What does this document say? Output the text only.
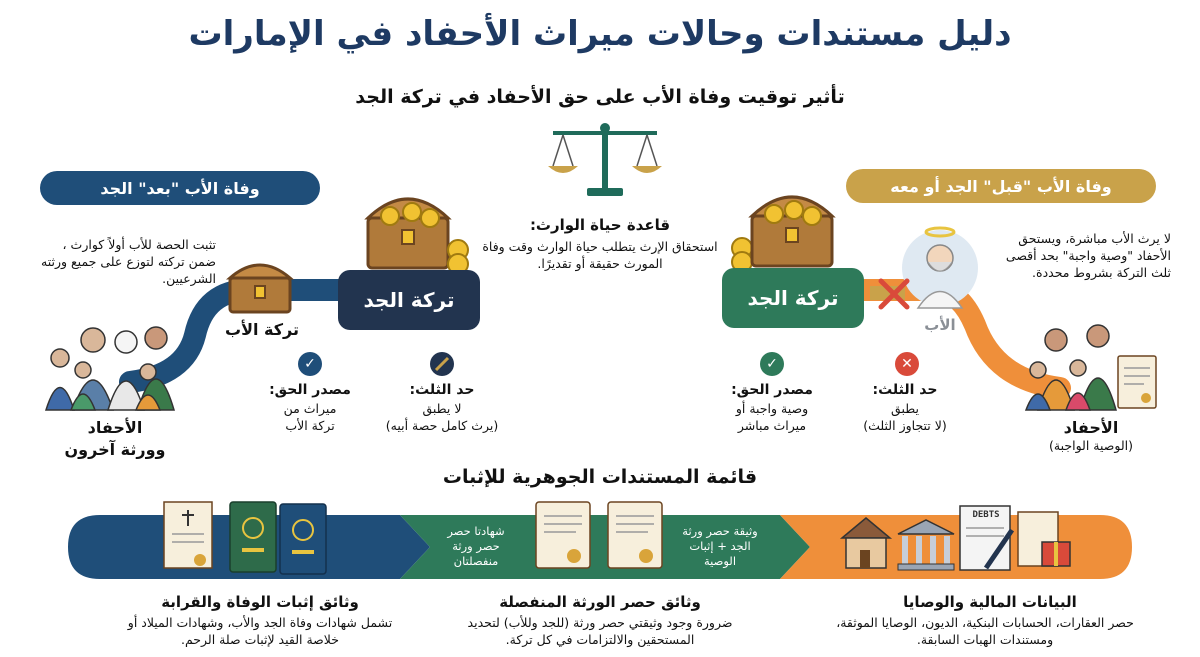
دليل مستندات وحالات ميراث الأحفاد في الإمارات
تأثير توقيت وفاة الأب على حق الأحفاد في تركة الجد
وفاة الأب "بعد" الجد	وفاة الأب "قبل" الجد أو معه
تثبت الحصة للأب أولاً كوارث ، ضمن تركته لتوزع على جميع ورثته الشرعيين.
لا يرث الأب مباشرة، ويستحق الأحفاد "وصية واجبة" بحد أقصى ثلث التركة بشروط محددة.
قاعدة حياة الوارث:
استحقاق الإرث يتطلب حياة الوارث وقت وفاة المورث حقيقة أو تقديرًا.
تركة الجد
تركة الأب
تركة الجد
الأب
الأحفاد
وورثة آخرون
الأحفاد
(الوصية الواجبة)
✓
مصدر الحق:
ميراث من
تركة الأب
حد الثلث:
لا يطبق
(يرث كامل حصة أبيه)
✓
مصدر الحق:
وصية واجبة أو
ميراث مباشر
✕
حد الثلث:
يطبق
(لا تتجاوز الثلث)
قائمة المستندات الجوهرية للإثبات
وثيقة حصر ورثة الجد + إثبات الوصية
شهادتا حصر حصر ورثة منفصلتان
DEBTS
البيانات المالية والوصايا
حصر العقارات، الحسابات البنكية، الديون، الوصايا الموثقة، ومستندات الهبات السابقة.
وثائق حصر الورثة المنفصلة
ضرورة وجود وثيقتي حصر ورثة (للجد وللأب) لتحديد المستحقين والالتزامات في كل تركة.
وثائق إثبات الوفاة والقرابة
تشمل شهادات وفاة الجد والأب، وشهادات الميلاد أو خلاصة القيد لإثبات صلة الرحم.
